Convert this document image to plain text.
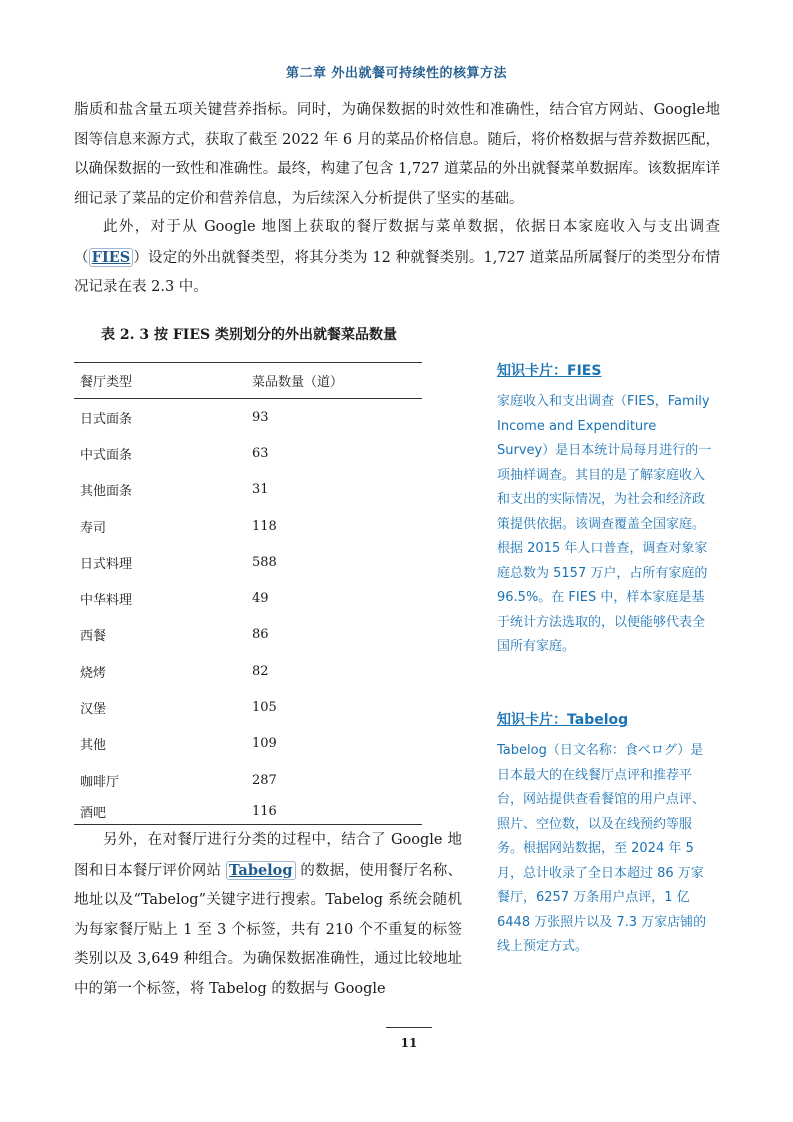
第二章 外出就餐可持续性的核算方法

脂质和盐含量五项关键营养指标。同时，为确保数据的时效性和准确性，结合官方网站、Google地图等信息来源方式，获取了截至 2022 年 6 月的菜品价格信息。随后，将价格数据与营养数据匹配，以确保数据的一致性和准确性。最终，构建了包含 1,727 道菜品的外出就餐菜单数据库。该数据库详细记录了菜品的定价和营养信息，为后续深入分析提供了坚实的基础。

此外，对于从 Google 地图上获取的餐厅数据与菜单数据，依据日本家庭收入与支出调查（ FIES ）设定的外出就餐类型，将其分类为 12 种就餐类别。1,727 道菜品所属餐厅的类型分布情况记录在表 2.3 中。

表 2. 3 按 FIES 类别划分的外出就餐菜品数量
餐厅类型	菜品数量（道）
日式面条	93
中式面条	63
其他面条	31
寿司	118
日式料理	588
中华料理	49
西餐	86
烧烤	82
汉堡	105
其他	109
咖啡厅	287
酒吧	116

另外，在对餐厅进行分类的过程中，结合了 Google 地图和日本餐厅评价网站 Tabelog 的数据，使用餐厅名称、地址以及“Tabelog”关键字进行搜索。Tabelog 系统会随机为每家餐厅贴上 1 至 3 个标签，共有 210 个不重复的标签类别以及 3,649 种组合。为确保数据准确性，通过比较地址中的第一个标签，将 Tabelog 的数据与 Google

知识卡片：FIES

家庭收入和支出调查（FIES，Family Income and Expenditure Survey）是日本统计局每月进行的一项抽样调查。其目的是了解家庭收入和支出的实际情况，为社会和经济政策提供依据。该调查覆盖全国家庭。根据 2015 年人口普查，调查对象家庭总数为 5157 万户，占所有家庭的 96.5%。在 FIES 中，样本家庭是基于统计方法选取的，以便能够代表全国所有家庭。

知识卡片：Tabelog

Tabelog（日文名称：食べログ）是日本最大的在线餐厅点评和推荐平台，网站提供查看餐馆的用户点评、照片、空位数，以及在线预约等服务。根据网站数据，至 2024 年 5 月，总计收录了全日本超过 86 万家餐厅，6257 万条用户点评，1 亿 6448 万张照片以及 7.3 万家店铺的线上预定方式。

11
